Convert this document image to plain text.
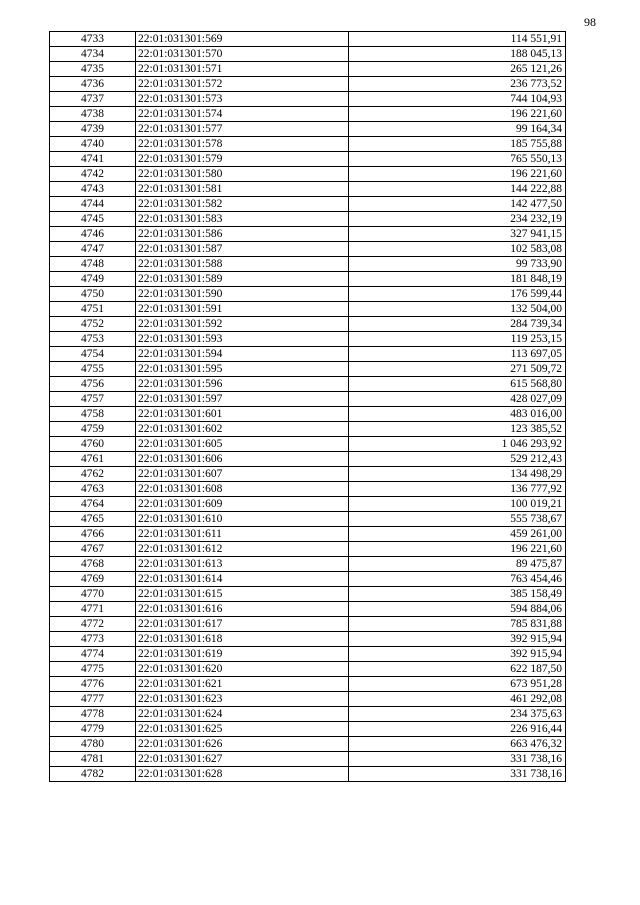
98
4733	22:01:031301:569	114 551,91
4734	22:01:031301:570	188 045,13
4735	22:01:031301:571	265 121,26
4736	22:01:031301:572	236 773,52
4737	22:01:031301:573	744 104,93
4738	22:01:031301:574	196 221,60
4739	22:01:031301:577	99 164,34
4740	22:01:031301:578	185 755,88
4741	22:01:031301:579	765 550,13
4742	22:01:031301:580	196 221,60
4743	22:01:031301:581	144 222,88
4744	22:01:031301:582	142 477,50
4745	22:01:031301:583	234 232,19
4746	22:01:031301:586	327 941,15
4747	22:01:031301:587	102 583,08
4748	22:01:031301:588	99 733,90
4749	22:01:031301:589	181 848,19
4750	22:01:031301:590	176 599,44
4751	22:01:031301:591	132 504,00
4752	22:01:031301:592	284 739,34
4753	22:01:031301:593	119 253,15
4754	22:01:031301:594	113 697,05
4755	22:01:031301:595	271 509,72
4756	22:01:031301:596	615 568,80
4757	22:01:031301:597	428 027,09
4758	22:01:031301:601	483 016,00
4759	22:01:031301:602	123 385,52
4760	22:01:031301:605	1 046 293,92
4761	22:01:031301:606	529 212,43
4762	22:01:031301:607	134 498,29
4763	22:01:031301:608	136 777,92
4764	22:01:031301:609	100 019,21
4765	22:01:031301:610	555 738,67
4766	22:01:031301:611	459 261,00
4767	22:01:031301:612	196 221,60
4768	22:01:031301:613	89 475,87
4769	22:01:031301:614	763 454,46
4770	22:01:031301:615	385 158,49
4771	22:01:031301:616	594 884,06
4772	22:01:031301:617	785 831,88
4773	22:01:031301:618	392 915,94
4774	22:01:031301:619	392 915,94
4775	22:01:031301:620	622 187,50
4776	22:01:031301:621	673 951,28
4777	22:01:031301:623	461 292,08
4778	22:01:031301:624	234 375,63
4779	22:01:031301:625	226 916,44
4780	22:01:031301:626	663 476,32
4781	22:01:031301:627	331 738,16
4782	22:01:031301:628	331 738,16
